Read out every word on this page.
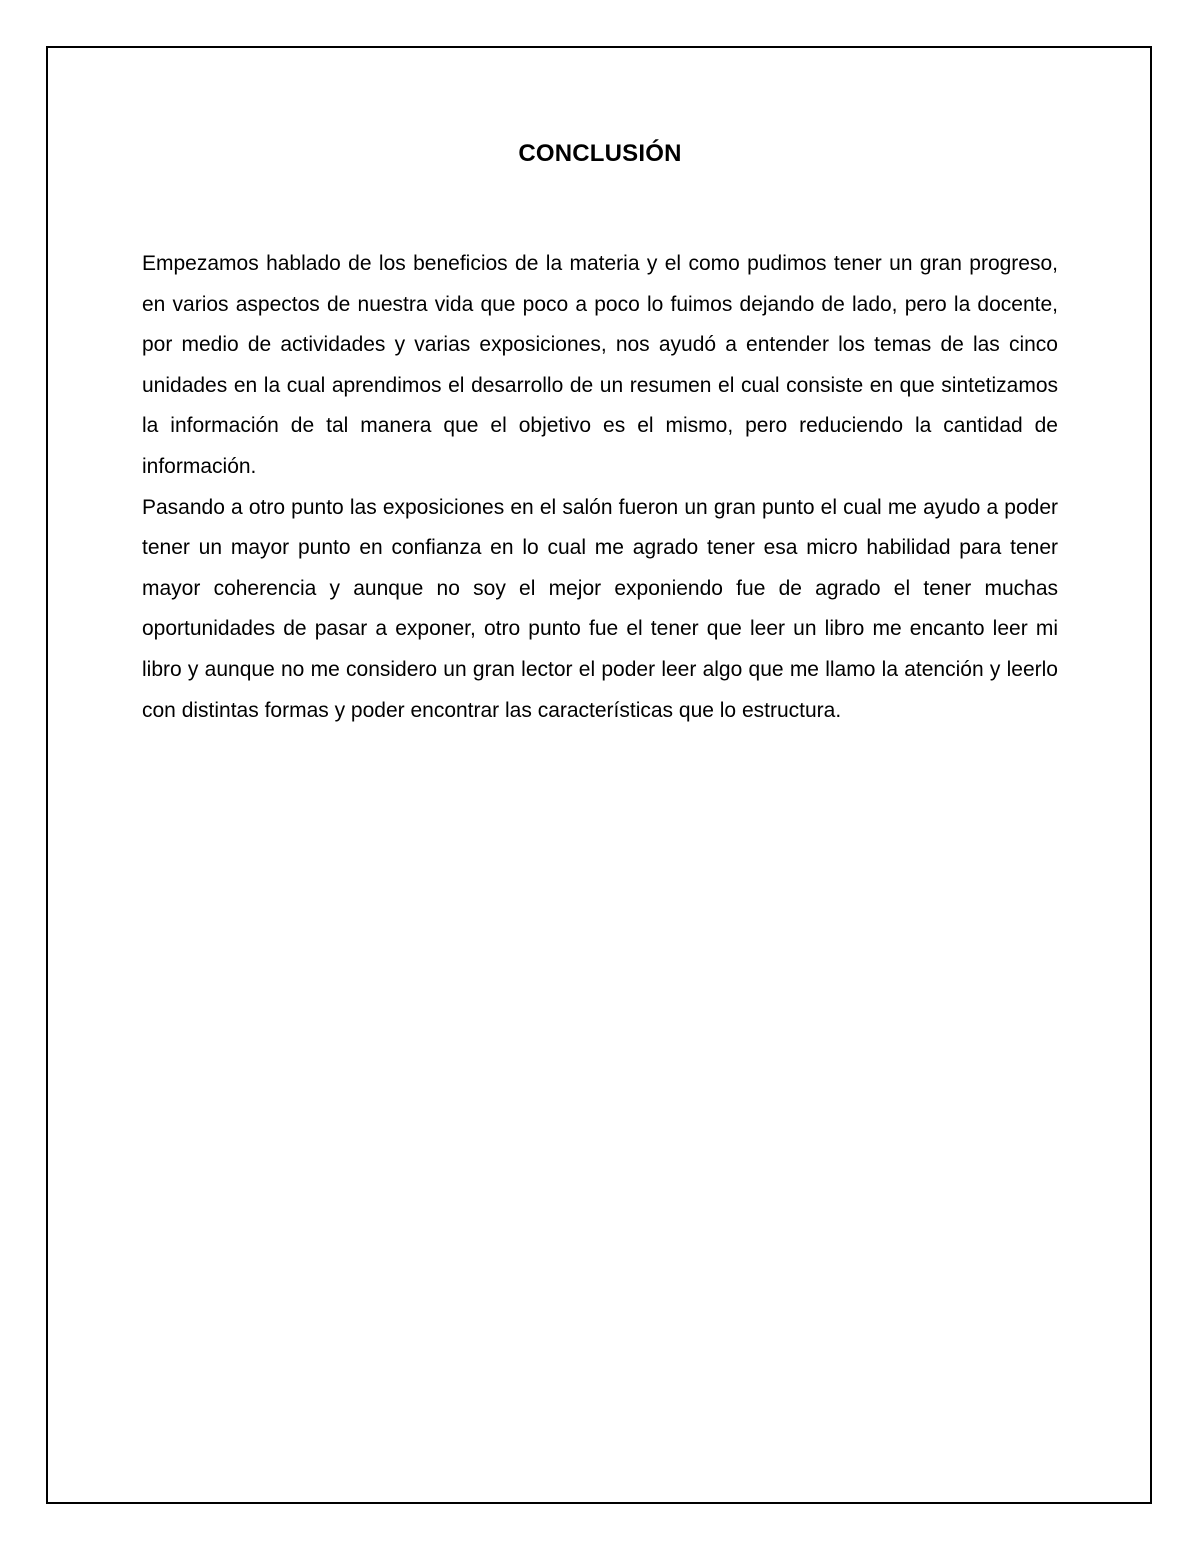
CONCLUSIÓN

Empezamos hablado de los beneficios de la materia y el como pudimos tener un gran progreso, en varios aspectos de nuestra vida que poco a poco lo fuimos dejando de lado, pero la docente, por medio de actividades y varias exposiciones, nos ayudó a entender los temas de las cinco unidades en la cual aprendimos el desarrollo de un resumen el cual consiste en que sintetizamos la información de tal manera que el objetivo es el mismo, pero reduciendo la cantidad de información.

Pasando a otro punto las exposiciones en el salón fueron un gran punto el cual me ayudo a poder tener un mayor punto en confianza en lo cual me agrado tener esa micro habilidad para tener mayor coherencia y aunque no soy el mejor exponiendo fue de agrado el tener muchas oportunidades de pasar a exponer, otro punto fue el tener que leer un libro me encanto leer mi libro y aunque no me considero un gran lector el poder leer algo que me llamo la atención y leerlo con distintas formas y poder encontrar las características que lo estructura.
